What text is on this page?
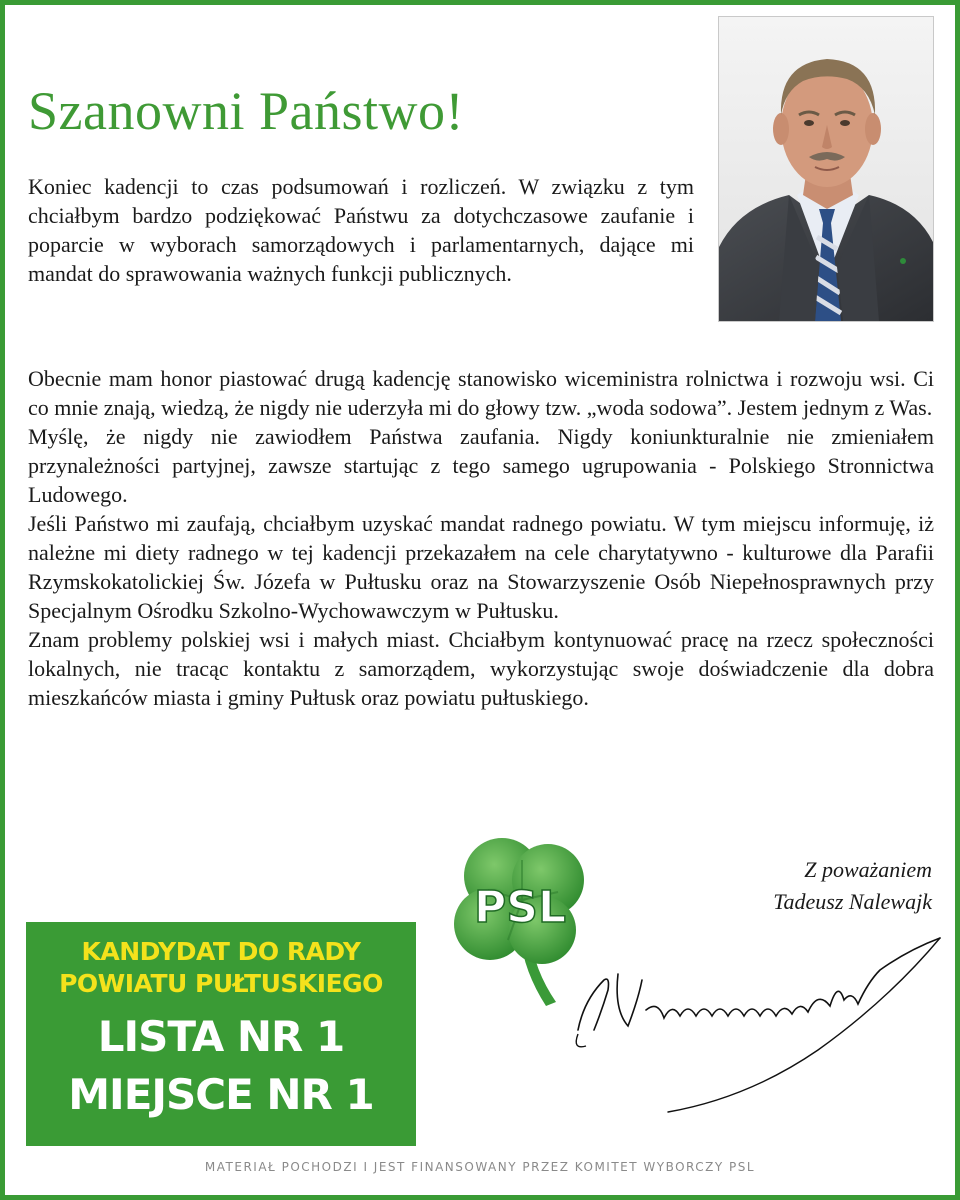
Szanowni Państwo!

Koniec kadencji to czas podsumowań i rozliczeń. W związku z tym chciałbym bardzo podziękować Państwu za dotychczasowe zaufanie i poparcie w wyborach samorządowych i parlamentarnych, dające mi mandat do sprawowania ważnych funkcji publicznych.

Obecnie mam honor piastować drugą kadencję stanowisko wiceministra rolnictwa i rozwoju wsi. Ci co mnie znają, wiedzą, że nigdy nie uderzyła mi do głowy tzw. „woda sodowa”. Jestem jednym z Was.

Myślę, że nigdy nie zawiodłem Państwa zaufania. Nigdy koniunkturalnie nie zmieniałem przynależności partyjnej, zawsze startując z tego samego ugrupowania - Polskiego Stronnictwa Ludowego.

Jeśli Państwo mi zaufają, chciałbym uzyskać mandat radnego powiatu. W tym miejscu informuję, iż należne mi diety radnego w tej kadencji przekazałem na cele charytatywno - kulturowe dla Parafii Rzymskokatolickiej Św. Józefa w Pułtusku oraz na Stowarzyszenie Osób Niepełnosprawnych przy Specjalnym Ośrodku Szkolno-Wychowawczym w Pułtusku.

Znam problemy polskiej wsi i małych miast. Chciałbym kontynuować pracę na rzecz społeczności lokalnych, nie tracąc kontaktu z samorządem, wykorzystując swoje doświadczenie dla dobra mieszkańców miasta i gminy Pułtusk oraz powiatu pułtuskiego.

Z poważaniem
Tadeusz Nalewajk
PSL
KANDYDAT DO RADY
POWIATU PUŁTUSKIEGO
LISTA NR 1
MIEJSCE NR 1
MATERIAŁ POCHODZI I JEST FINANSOWANY PRZEZ KOMITET WYBORCZY PSL
